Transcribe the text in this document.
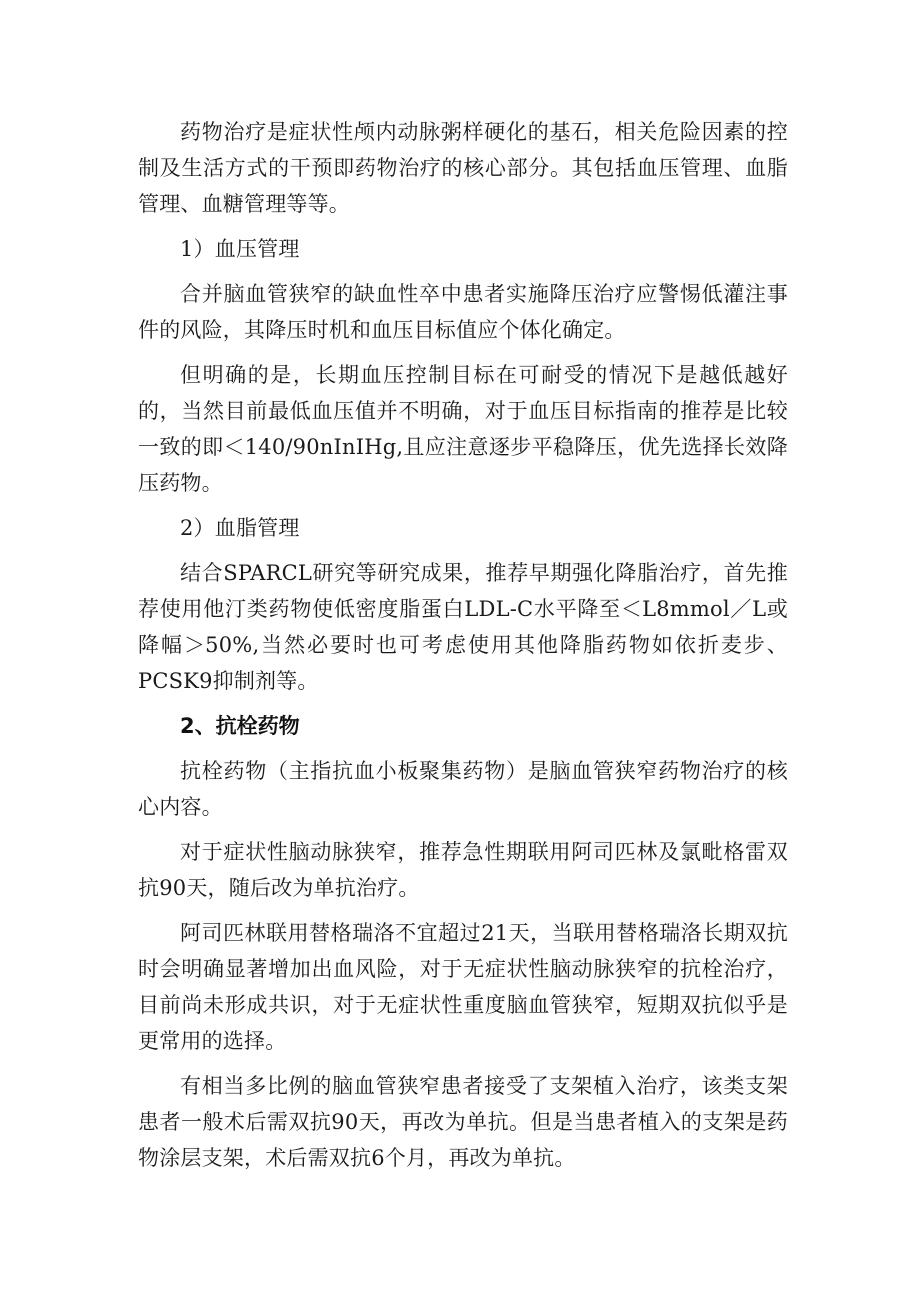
药物治疗是症状性颅内动脉粥样硬化的基石，相关危险因素的控制及生活方式的干预即药物治疗的核心部分。其包括血压管理、血脂管理、血糖管理等等。

1）血压管理

合并脑血管狭窄的缺血性卒中患者实施降压治疗应警惕低灌注事件的风险，其降压时机和血压目标值应个体化确定。

但明确的是，长期血压控制目标在可耐受的情况下是越低越好的，当然目前最低血压值并不明确，对于血压目标指南的推荐是比较一致的即＜140/90nInIHg,且应注意逐步平稳降压，优先选择长效降压药物。

2）血脂管理

结合SPARCL研究等研究成果，推荐早期强化降脂治疗，首先推荐使用他汀类药物使低密度脂蛋白LDL-C水平降至＜L8mmol／L或降幅＞50%,当然必要时也可考虑使用其他降脂药物如依折麦步、PCSK9抑制剂等。

2、抗栓药物

抗栓药物（主指抗血小板聚集药物）是脑血管狭窄药物治疗的核心内容。

对于症状性脑动脉狭窄，推荐急性期联用阿司匹林及氯毗格雷双抗90天，随后改为单抗治疗。

阿司匹林联用替格瑞洛不宜超过21天，当联用替格瑞洛长期双抗时会明确显著增加出血风险，对于无症状性脑动脉狭窄的抗栓治疗，目前尚未形成共识，对于无症状性重度脑血管狭窄，短期双抗似乎是更常用的选择。

有相当多比例的脑血管狭窄患者接受了支架植入治疗，该类支架患者一般术后需双抗90天，再改为单抗。但是当患者植入的支架是药物涂层支架，术后需双抗6个月，再改为单抗。
